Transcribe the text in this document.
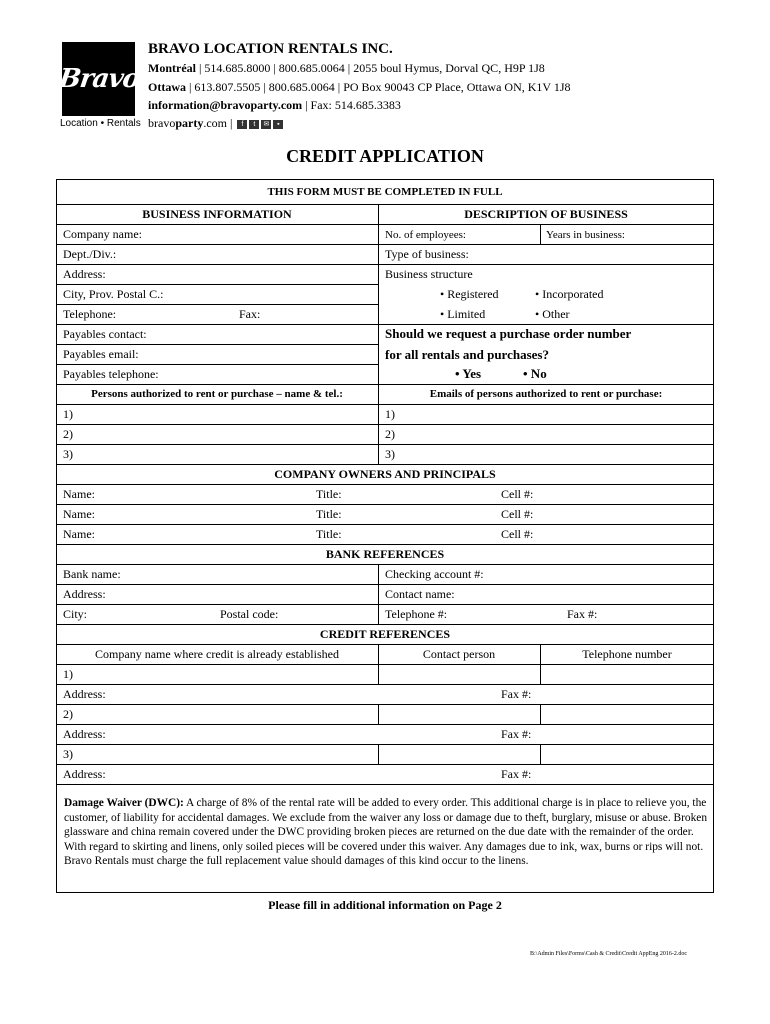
Bravo
Location • Rentals
BRAVO LOCATION RENTALS INC.
Montréal | 514.685.8000 | 800.685.0064 | 2055 boul Hymus, Dorval QC, H9P 1J8
Ottawa | 613.807.5505 | 800.685.0064 | PO Box 90043 CP Place, Ottawa ON, K1V 1J8
information@bravoparty.com | Fax: 514.685.3383
bravoparty.com | f t ✉ ▪
CREDIT APPLICATION
THIS FORM MUST BE COMPLETED IN FULL
BUSINESS INFORMATION	DESCRIPTION OF BUSINESS
Company name:	No. of employees:	Years in business:
Dept./Div.:	Type of business:
Address:	Business structure
City, Prov. Postal C.:	• Registered	• Incorporated
Telephone:	Fax:	• Limited	• Other
Payables contact:	Should we request a purchase order number
Payables email:	for all rentals and purchases?
Payables telephone:	• Yes	• No
Persons authorized to rent or purchase – name & tel.:	Emails of persons authorized to rent or purchase:
1)	1)
2)	2)
3)	3)
COMPANY OWNERS AND PRINCIPALS
Name:	Title:	Cell #:
Name:	Title:	Cell #:
Name:	Title:	Cell #:
BANK REFERENCES
Bank name:	Checking account #:
Address:	Contact name:
City:	Postal code:	Telephone #:	Fax #:
CREDIT REFERENCES
Company name where credit is already established	Contact person	Telephone number
1)
Address:	Fax #:
2)
Address:	Fax #:
3)
Address:	Fax #:
Damage Waiver (DWC): A charge of 8% of the rental rate will be added to every order. This additional charge is in place to relieve you, the customer, of liability for accidental damages. We exclude from the waiver any loss or damage due to theft, burglary, misuse or abuse. Broken glassware and china remain covered under the DWC providing broken pieces are returned on the due date with the remainder of the order. With regard to skirting and linens, only soiled pieces will be covered under this waiver. Any damages due to ink, wax, burns or rips will not. Bravo Rentals must charge the full replacement value should damages of this kind occur to the linens.
Please fill in additional information on Page 2
B:\Admin Files\Forms\Cash & Credit\Credit AppEng 2016-2.doc
